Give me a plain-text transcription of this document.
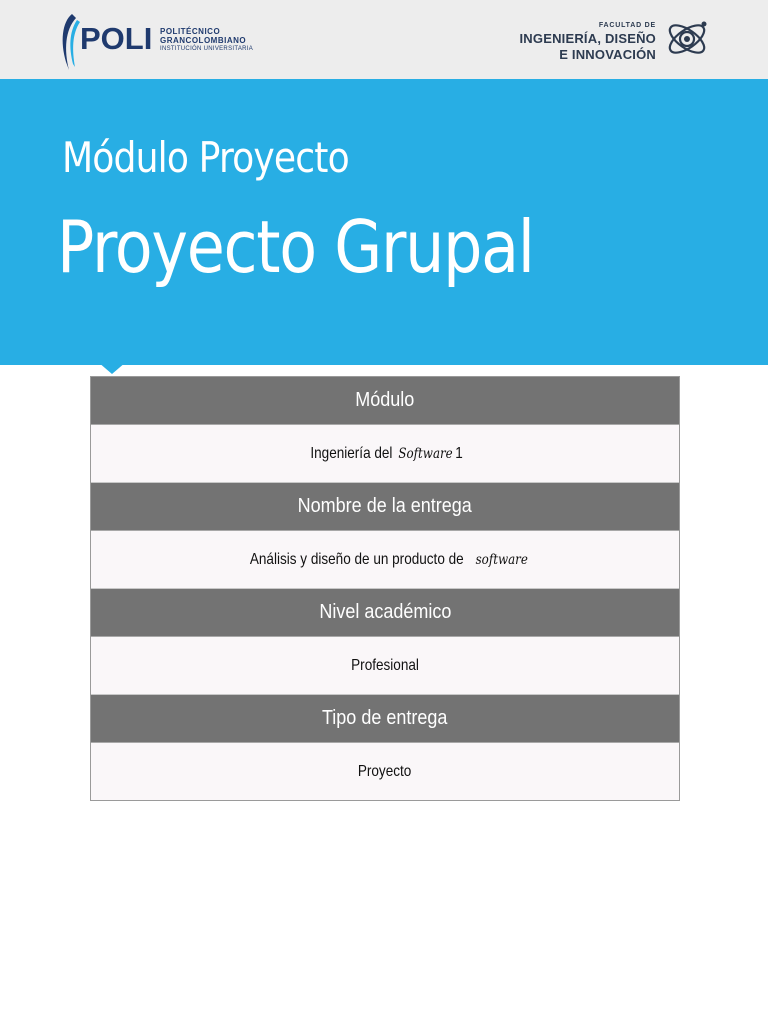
POLI POLITÉCNICO
GRANCOLOMBIANO
INSTITUCIÓN UNIVERSITARIA
FACULTAD DE
INGENIERÍA, DISEÑO
E INNOVACIÓN
Módulo Proyecto
Proyecto Grupal
Módulo
Ingeniería delSoftware1
Nombre de la entrega
Análisis y diseño de un producto desoftware
Nivel académico
Profesional
Tipo de entrega
Proyecto
